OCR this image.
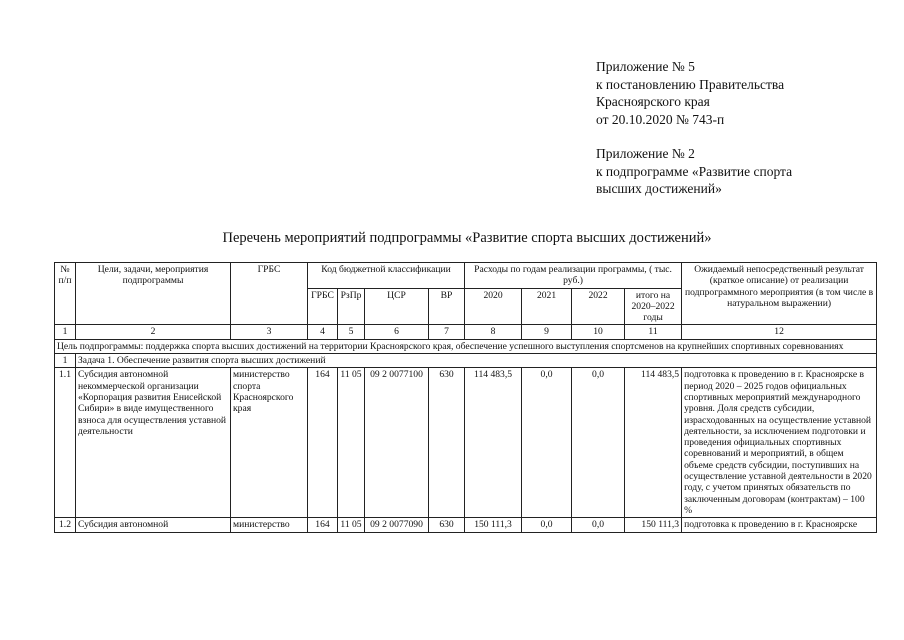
Приложение № 5
к постановлению Правительства
Красноярского края
от 20.10.2020 № 743-п
Приложение № 2
к подпрограмме «Развитие спорта
высших достижений»
Перечень мероприятий подпрограммы «Развитие спорта высших достижений»
№ п/п	Цели, задачи, мероприятия подпрограммы	ГРБС	Код бюджетной классификации				Расходы по годам реализации программы, ( тыс. руб.)				Ожидаемый непосредственный результат (краткое описание) от реализации подпрограммного мероприятия (в том числе в натуральном выражении)
			ГРБС	РзПр	ЦСР	ВР	2020	2021	2022	итого на 2020–2022 годы	
1	2	3	4	5	6	7	8	9	10	11	12
Цель подпрограммы: поддержка спорта высших достижений на территории Красноярского края, обеспечение успешного выступления спортсменов на крупнейших спортивных соревнованиях											
1	Задача 1. Обеспечение развития спорта высших достижений										
1.1	Субсидия автономной некоммерческой организации «Корпорация развития Енисейской Сибири» в виде имущественного взноса для осуществления уставной деятельности	министерство спорта Красноярского края	164	11 05	09 2 0077100	630	114 483,5	0,0	0,0	114 483,5	подготовка к проведению в г. Красноярске в период 2020 – 2025 годов официальных спортивных мероприятий международного уровня. Доля средств субсидии, израсходованных на осуществление уставной деятельности, за исключением подготовки и проведения официальных спортивных соревнований и мероприятий, в общем объеме средств субсидии, поступивших на осуществление уставной деятельности в 2020 году, с учетом принятых обязательств по заключенным договорам (контрактам) – 100 %
1.2	Субсидия автономной	министерство	164	11 05	09 2 0077090	630	150 111,3	0,0	0,0	150 111,3	подготовка к проведению в г. Красноярске
